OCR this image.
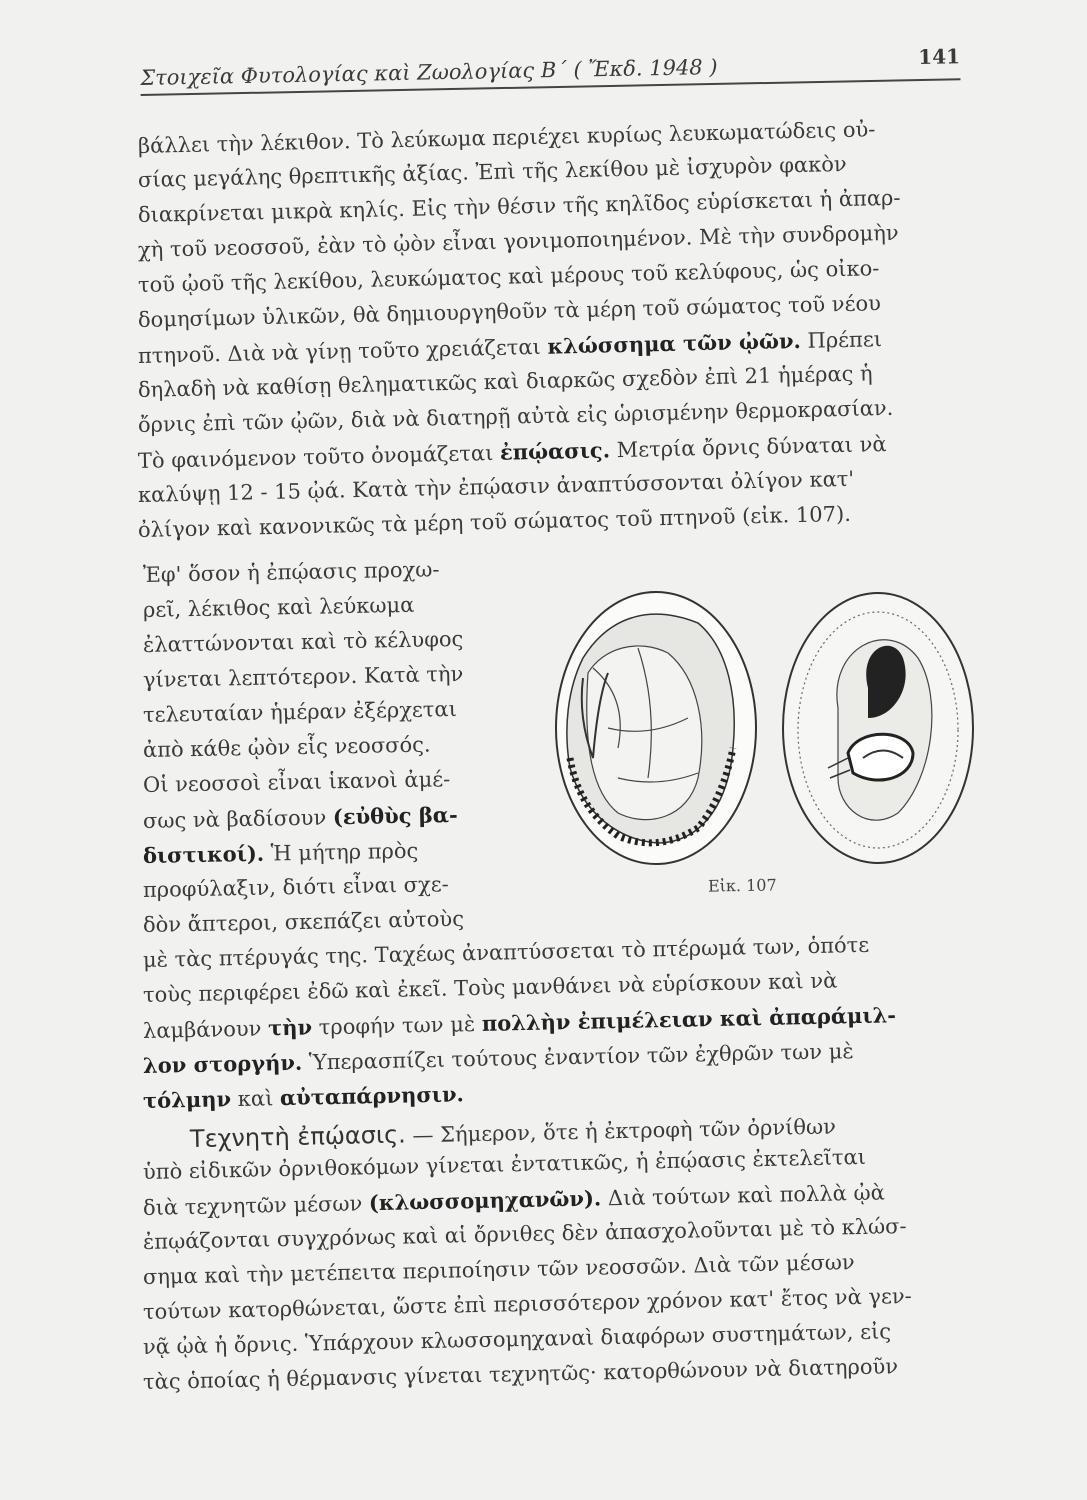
Στοιχεῖα Φυτολογίας καὶ Ζωολογίας Β΄ ( Ἔκδ. 1948 )	141
βάλλει τὴν λέκιθον. Τὸ λεύκωμα περιέχει κυρίως λευκωματώδεις οὐ-
σίας μεγάλης θρεπτικῆς ἀξίας. Ἐπὶ τῆς λεκίθου μὲ ἰσχυρὸν φακὸν
διακρίνεται μικρὰ κηλίς. Εἰς τὴν θέσιν τῆς κηλῖδος εὑρίσκεται ἡ ἀπαρ-
χὴ τοῦ νεοσσοῦ, ἐὰν τὸ ᾠὸν εἶναι γονιμοποιημένον. Μὲ τὴν συνδρομὴν
τοῦ ᾠοῦ τῆς λεκίθου, λευκώματος καὶ μέρους τοῦ κελύφους, ὡς οἰκο-
δομησίμων ὑλικῶν, θὰ δημιουργηθοῦν τὰ μέρη τοῦ σώματος τοῦ νέου
πτηνοῦ. Διὰ νὰ γίνῃ τοῦτο χρειάζεται κλώσσημα τῶν ᾠῶν. Πρέπει
δηλαδὴ νὰ καθίσῃ θεληματικῶς καὶ διαρκῶς σχεδὸν ἐπὶ 21 ἡμέρας ἡ
ὄρνις ἐπὶ τῶν ᾠῶν, διὰ νὰ διατηρῇ αὐτὰ εἰς ὡρισμένην θερμοκρασίαν.
Τὸ φαινόμενον τοῦτο ὀνομάζεται ἐπῴασις. Μετρία ὄρνις δύναται νὰ
καλύψῃ 12 - 15 ᾠά. Κατὰ τὴν ἐπῴασιν ἀναπτύσσονται ὀλίγον κατ'
ὀλίγον καὶ κανονικῶς τὰ μέρη τοῦ σώματος τοῦ πτηνοῦ (εἰκ. 107).
Ἐφ' ὅσον ἡ ἐπῴασις προχω-
ρεῖ, λέκιθος καὶ λεύκωμα
ἐλαττώνονται καὶ τὸ κέλυφος
γίνεται λεπτότερον. Κατὰ τὴν
τελευταίαν ἡμέραν ἐξέρχεται
ἀπὸ κάθε ᾠὸν εἷς νεοσσός.
Οἱ νεοσσοὶ εἶναι ἱκανοὶ ἀμέ-
σως νὰ βαδίσουν (εὐθὺς βα-
διστικοί). Ἡ μήτηρ πρὸς
προφύλαξιν, διότι εἶναι σχε-
δὸν ἄπτεροι, σκεπάζει αὐτοὺς
Εἰκ. 107
μὲ τὰς πτέρυγάς της. Ταχέως ἀναπτύσσεται τὸ πτέρωμά των, ὁπότε
τοὺς περιφέρει ἐδῶ καὶ ἐκεῖ. Τοὺς μανθάνει νὰ εὑρίσκουν καὶ νὰ
λαμβάνουν τὴν τροφήν των μὲ πολλὴν ἐπιμέλειαν καὶ ἀπαράμιλ-
λον στοργήν. Ὑπερασπίζει τούτους ἐναντίον τῶν ἐχθρῶν των μὲ
τόλμην καὶ αὐταπάρνησιν.
Τεχνητὴ ἐπῴασις. — Σήμερον, ὅτε ἡ ἐκτροφὴ τῶν ὀρνίθων
ὑπὸ εἰδικῶν ὀρνιθοκόμων γίνεται ἐντατικῶς, ἡ ἐπῴασις ἐκτελεῖται
διὰ τεχνητῶν μέσων (κλωσσομηχανῶν). Διὰ τούτων καὶ πολλὰ ᾠὰ
ἐπῳάζονται συγχρόνως καὶ αἱ ὄρνιθες δὲν ἀπασχολοῦνται μὲ τὸ κλώσ-
σημα καὶ τὴν μετέπειτα περιποίησιν τῶν νεοσσῶν. Διὰ τῶν μέσων
τούτων κατορθώνεται, ὥστε ἐπὶ περισσότερον χρόνον κατ' ἔτος νὰ γεν-
νᾷ ᾠὰ ἡ ὄρνις. Ὑπάρχουν κλωσσομηχαναὶ διαφόρων συστημάτων, εἰς
τὰς ὁποίας ἡ θέρμανσις γίνεται τεχνητῶς· κατορθώνουν νὰ διατηροῦν
